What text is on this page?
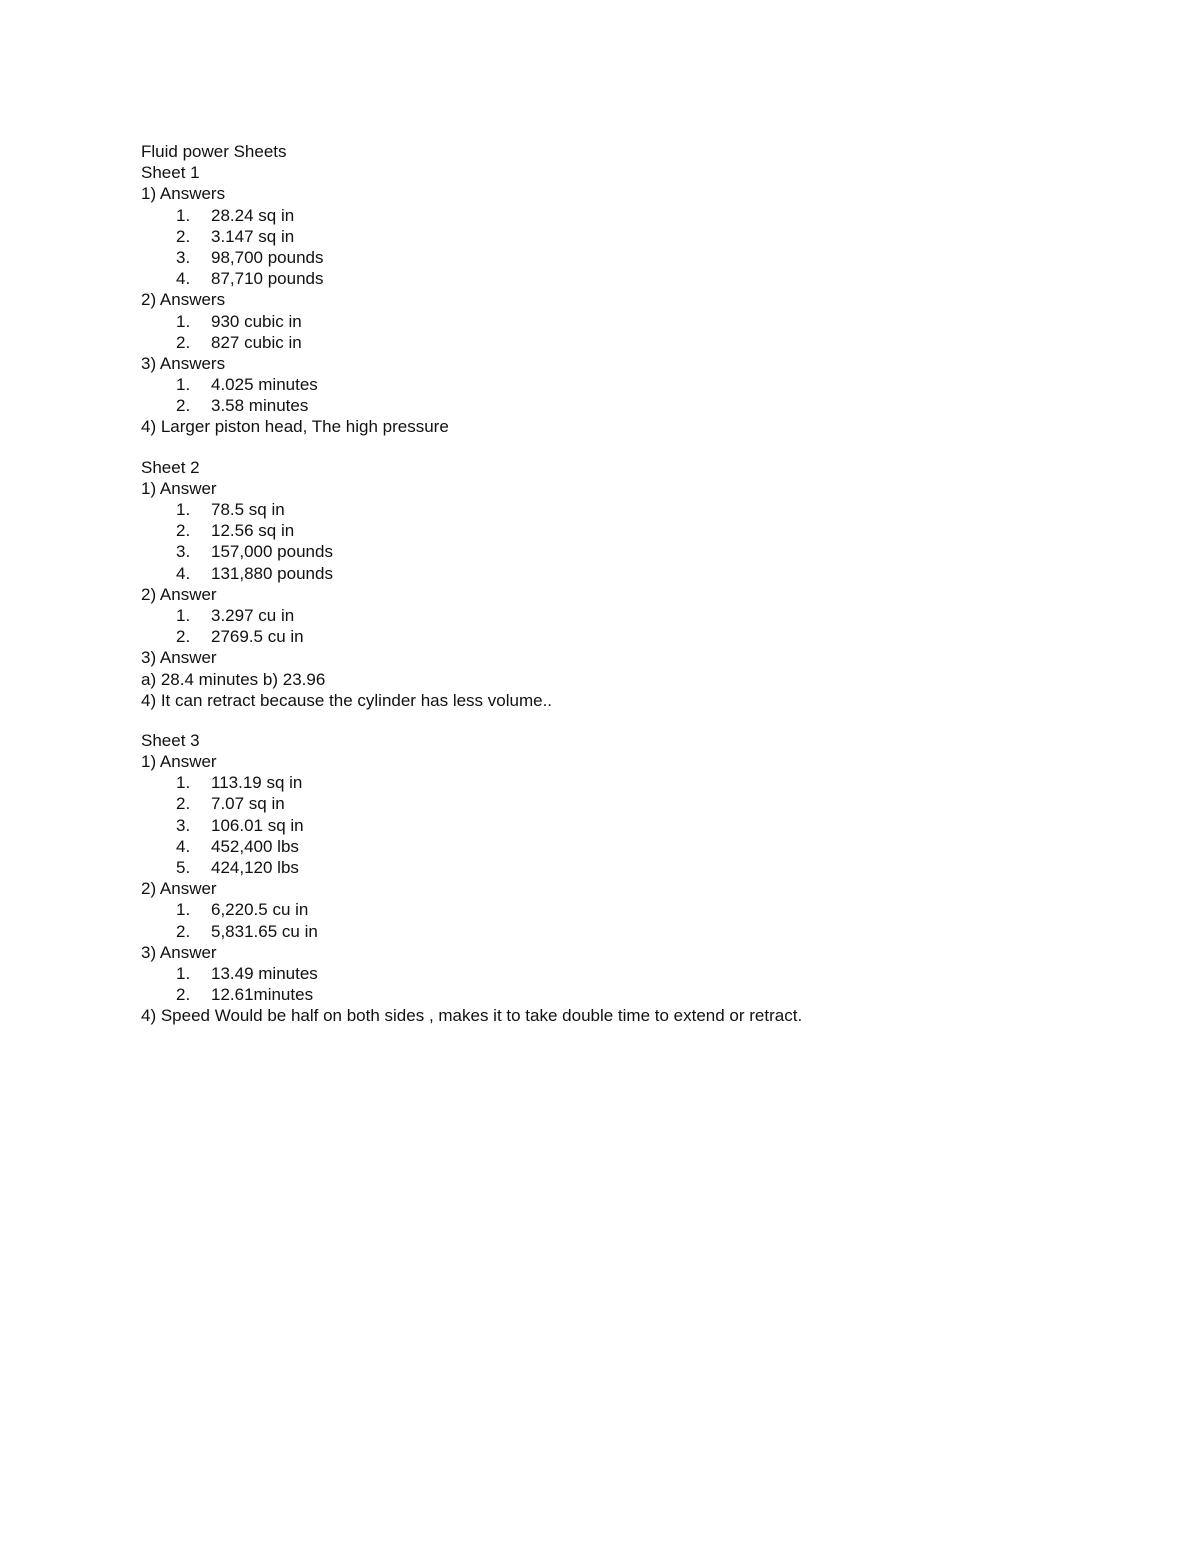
Fluid power Sheets
Sheet 1
1) Answers
1. 28.24 sq in
2. 3.147 sq in
3. 98,700 pounds
4. 87,710 pounds
2) Answers
1. 930 cubic in
2. 827 cubic in
3) Answers
1. 4.025 minutes
2. 3.58 minutes
4) Larger piston head, The high pressure
Sheet 2
1) Answer
1. 78.5 sq in
2. 12.56 sq in
3. 157,000 pounds
4. 131,880 pounds
2) Answer
1. 3.297 cu in
2. 2769.5 cu in
3) Answer
a) 28.4 minutes b) 23.96
4) It can retract because the cylinder has less volume..
Sheet 3
1) Answer
1. 113.19 sq in
2. 7.07 sq in
3. 106.01 sq in
4. 452,400 lbs
5. 424,120 lbs
2) Answer
1. 6,220.5 cu in
2. 5,831.65 cu in
3) Answer
1. 13.49 minutes
2. 12.61minutes
4) Speed Would be half on both sides , makes it to take double time to extend or retract.
